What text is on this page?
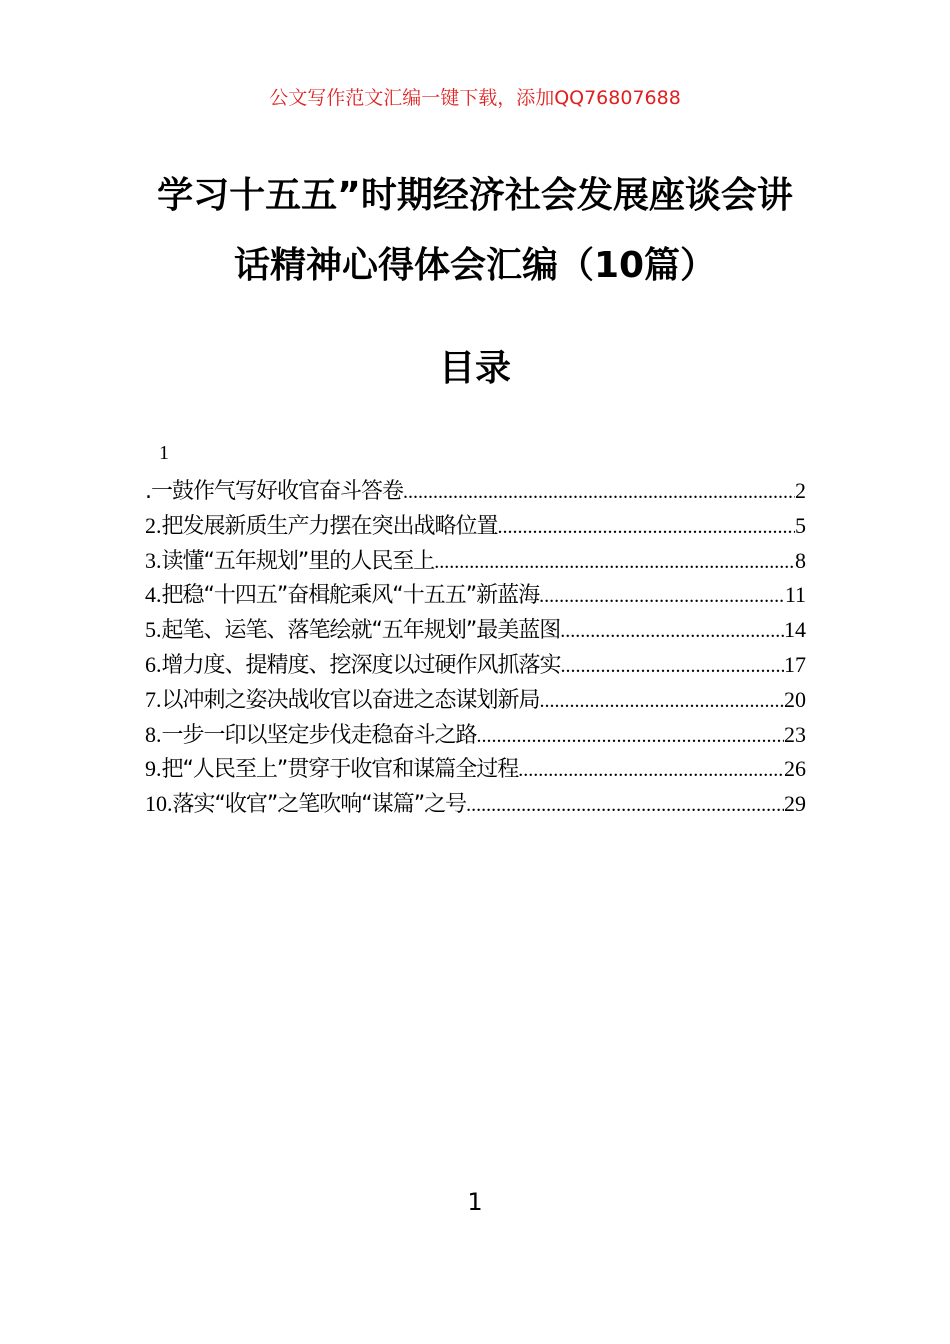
公文写作范文汇编一键下载，添加QQ76807688
学习十五五”时期经济社会发展座谈会讲
话精神心得体会汇编（10篇）
目录
1
.一鼓作气写好收官奋斗答卷 .....	2
2.把发展新质生产力摆在突出战略位置 .....	5
3.读懂“五年规划”里的人民至上 .....	8
4.把稳“十四五”奋楫舵乘风“十五五”新蓝海 .....	11
5.起笔、运笔、落笔绘就“五年规划”最美蓝图 .....	14
6.增力度、提精度、挖深度以过硬作风抓落实 .....	17
7.以冲刺之姿决战收官以奋进之态谋划新局 .....	20
8.一步一印以坚定步伐走稳奋斗之路 .....	23
9.把“人民至上”贯穿于收官和谋篇全过程 .....	26
10.落实“收官”之笔吹响“谋篇”之号 .....	29
1
